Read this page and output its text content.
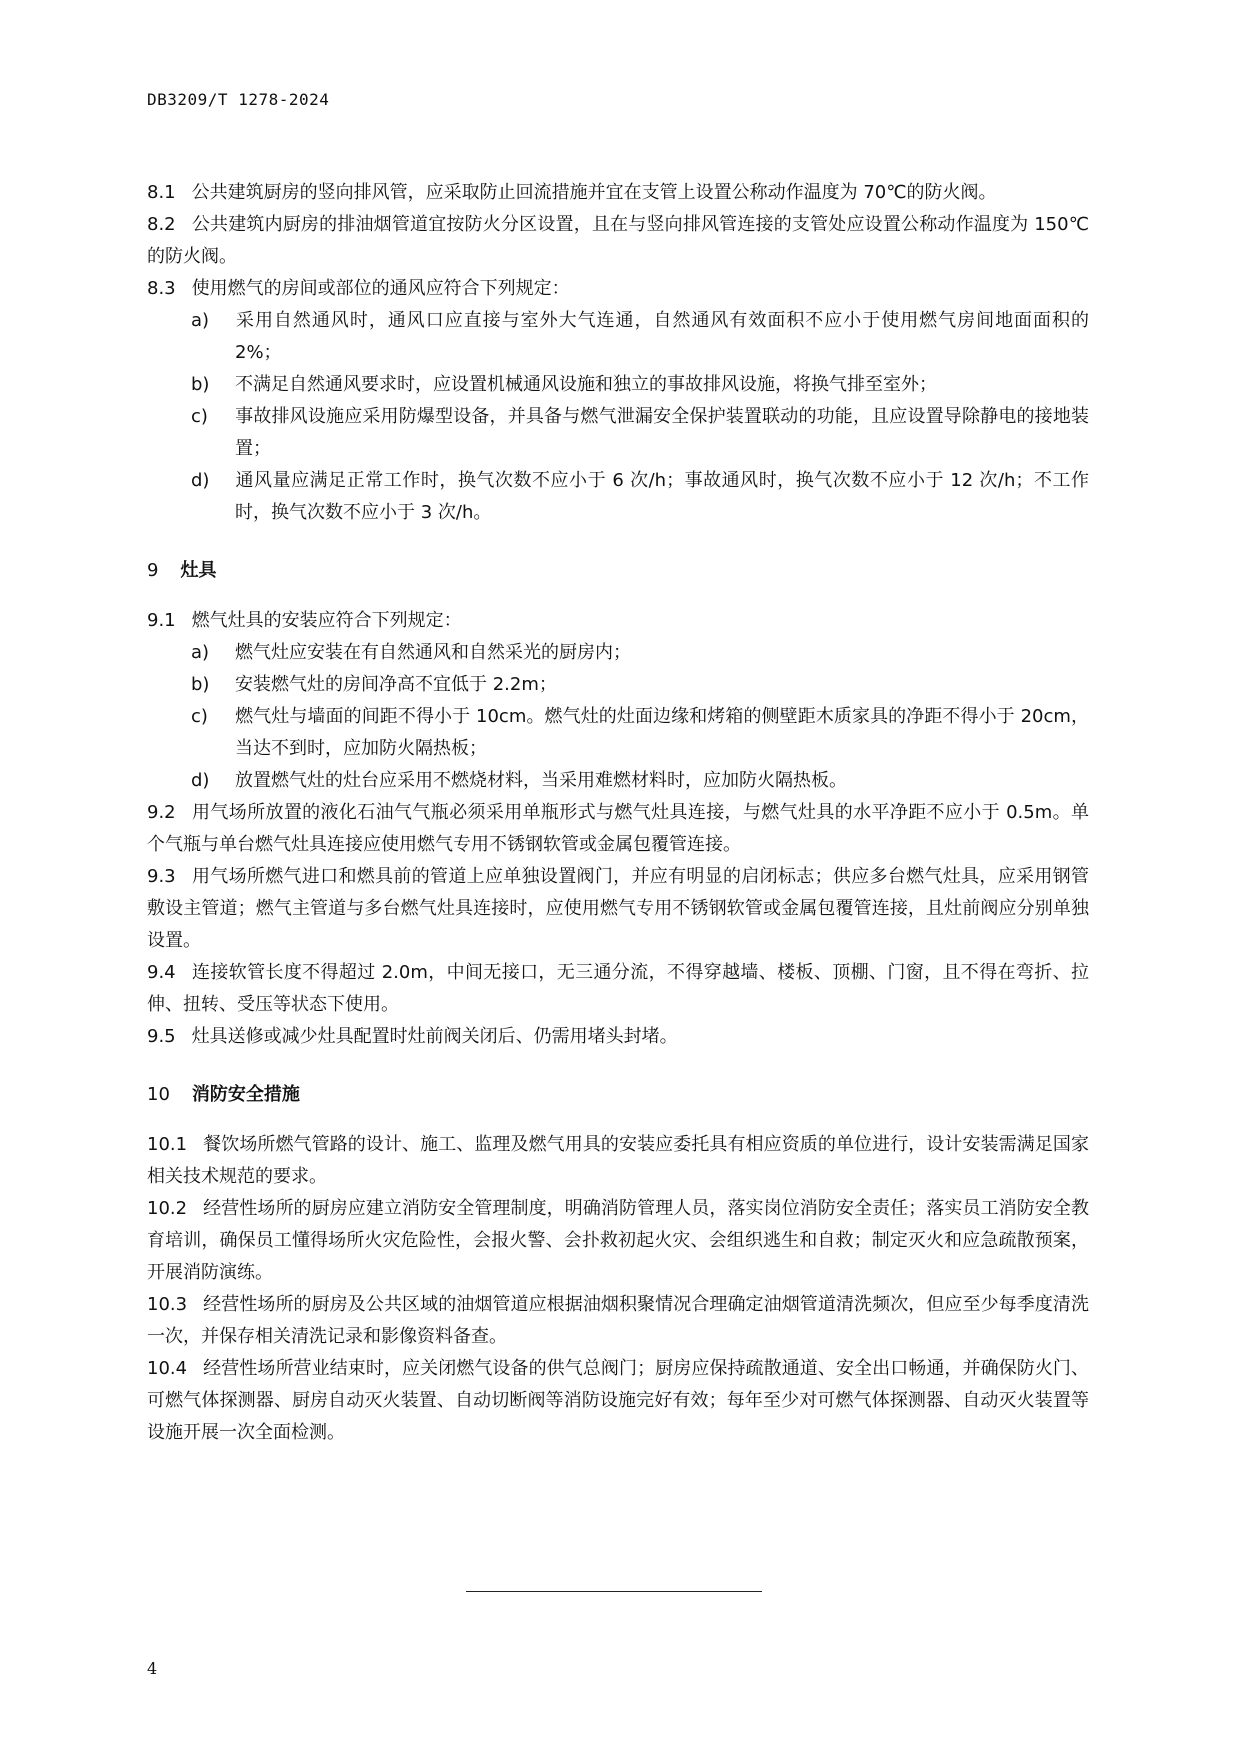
DB3209/T 1278-2024

8.1 公共建筑厨房的竖向排风管，应采取防止回流措施并宜在支管上设置公称动作温度为 70℃的防火阀。

8.2 公共建筑内厨房的排油烟管道宜按防火分区设置，且在与竖向排风管连接的支管处应设置公称动作温度为 150℃的防火阀。

8.3 使用燃气的房间或部位的通风应符合下列规定：

a) 采用自然通风时，通风口应直接与室外大气连通，自然通风有效面积不应小于使用燃气房间地面面积的 2%；

b) 不满足自然通风要求时，应设置机械通风设施和独立的事故排风设施，将换气排至室外；

c) 事故排风设施应采用防爆型设备，并具备与燃气泄漏安全保护装置联动的功能，且应设置导除静电的接地装置；

d) 通风量应满足正常工作时，换气次数不应小于 6 次/h；事故通风时，换气次数不应小于 12 次/h；不工作时，换气次数不应小于 3 次/h。

9 灶具

9.1 燃气灶具的安装应符合下列规定：

a) 燃气灶应安装在有自然通风和自然采光的厨房内；

b) 安装燃气灶的房间净高不宜低于 2.2m；

c) 燃气灶与墙面的间距不得小于 10cm。燃气灶的灶面边缘和烤箱的侧壁距木质家具的净距不得小于 20cm，当达不到时，应加防火隔热板；

d) 放置燃气灶的灶台应采用不燃烧材料，当采用难燃材料时，应加防火隔热板。

9.2 用气场所放置的液化石油气气瓶必须采用单瓶形式与燃气灶具连接，与燃气灶具的水平净距不应小于 0.5m。单个气瓶与单台燃气灶具连接应使用燃气专用不锈钢软管或金属包覆管连接。

9.3 用气场所燃气进口和燃具前的管道上应单独设置阀门，并应有明显的启闭标志；供应多台燃气灶具，应采用钢管敷设主管道；燃气主管道与多台燃气灶具连接时，应使用燃气专用不锈钢软管或金属包覆管连接，且灶前阀应分别单独设置。

9.4 连接软管长度不得超过 2.0m，中间无接口，无三通分流，不得穿越墙、楼板、顶棚、门窗，且不得在弯折、拉伸、扭转、受压等状态下使用。

9.5 灶具送修或减少灶具配置时灶前阀关闭后、仍需用堵头封堵。

10 消防安全措施

10.1 餐饮场所燃气管路的设计、施工、监理及燃气用具的安装应委托具有相应资质的单位进行，设计安装需满足国家相关技术规范的要求。

10.2 经营性场所的厨房应建立消防安全管理制度，明确消防管理人员，落实岗位消防安全责任；落实员工消防安全教育培训，确保员工懂得场所火灾危险性，会报火警、会扑救初起火灾、会组织逃生和自救；制定灭火和应急疏散预案，开展消防演练。

10.3 经营性场所的厨房及公共区域的油烟管道应根据油烟积聚情况合理确定油烟管道清洗频次，但应至少每季度清洗一次，并保存相关清洗记录和影像资料备查。

10.4 经营性场所营业结束时，应关闭燃气设备的供气总阀门；厨房应保持疏散通道、安全出口畅通，并确保防火门、可燃气体探测器、厨房自动灭火装置、自动切断阀等消防设施完好有效；每年至少对可燃气体探测器、自动灭火装置等设施开展一次全面检测。

4
